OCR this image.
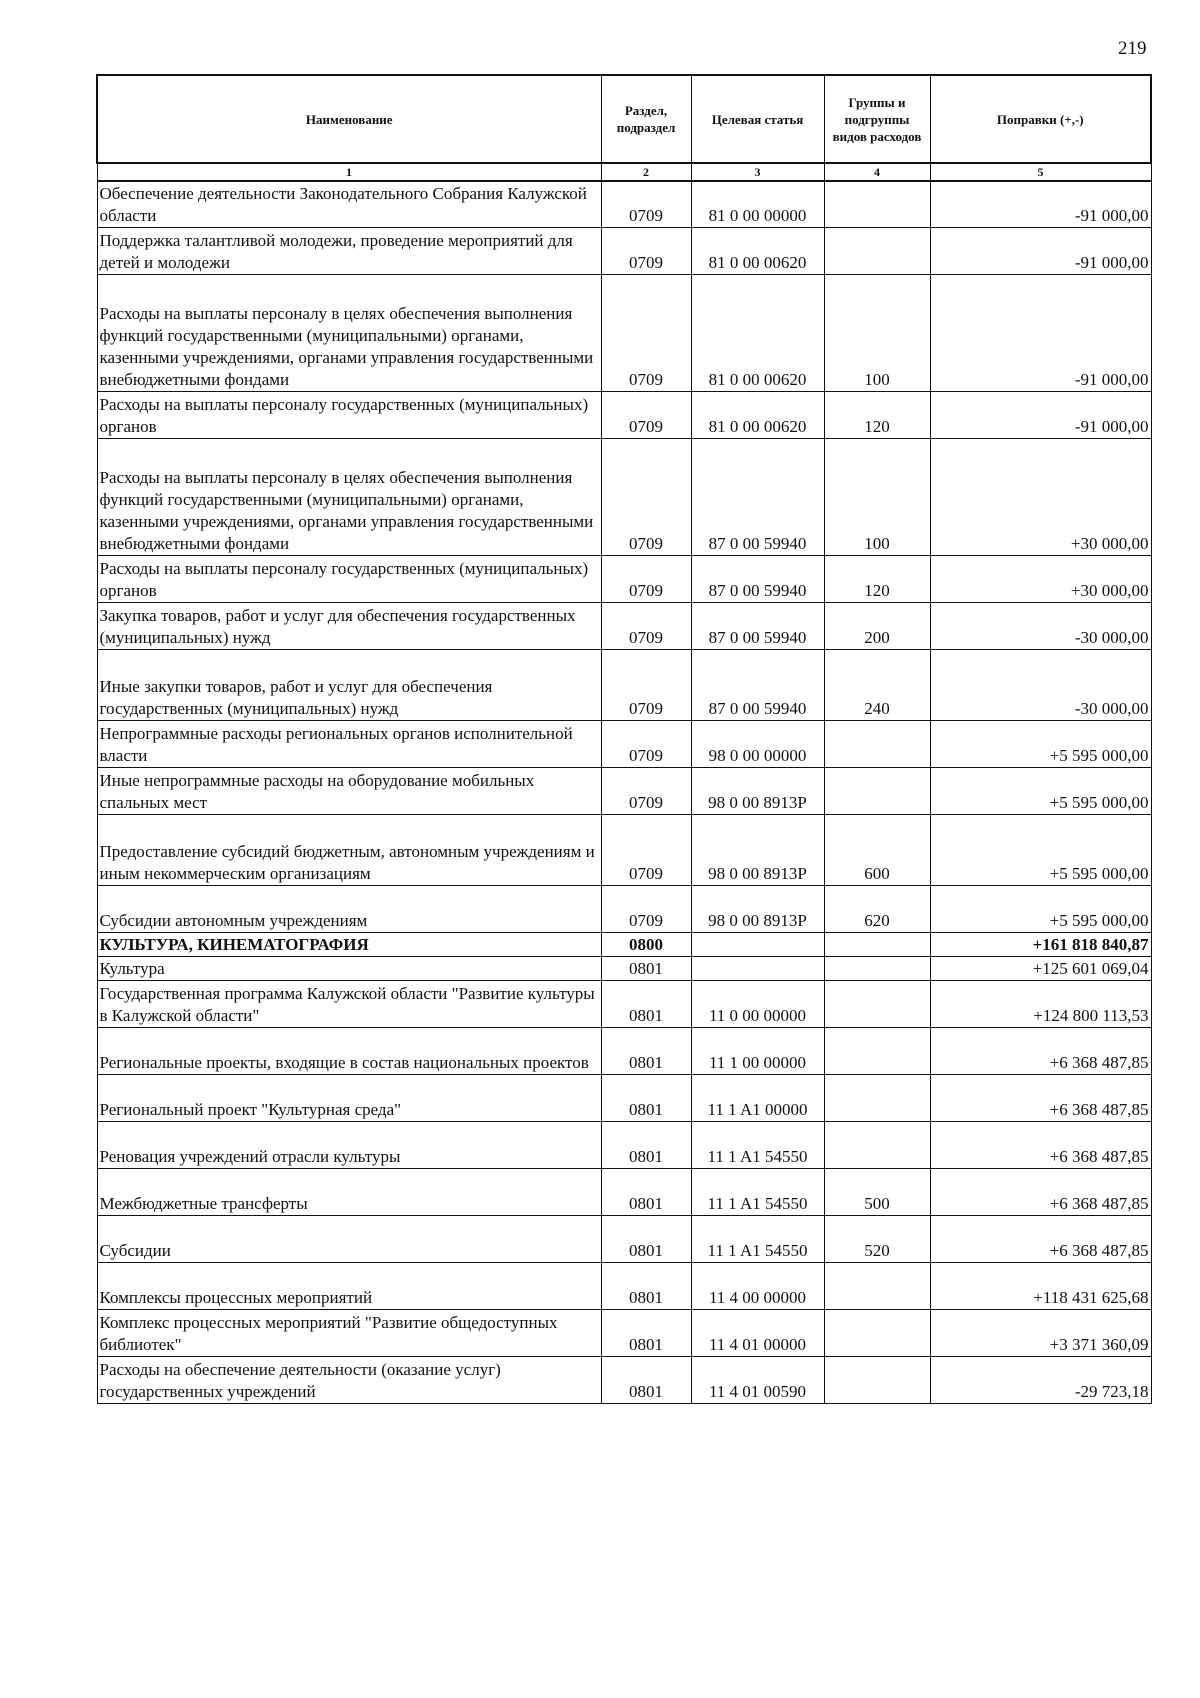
219
Наименование	Раздел, подраздел	Целевая статья	Группы и подгруппы видов расходов	Поправки (+,-)
1	2	3	4	5
Обеспечение деятельности Законодательного Собрания Калужской области	0709	81 0 00 00000		-91 000,00
Поддержка талантливой молодежи, проведение мероприятий для детей и молодежи	0709	81 0 00 00620		-91 000,00
Расходы на выплаты персоналу в целях обеспечения выполнения функций государственными (муниципальными) органами, казенными учреждениями, органами управления государственными внебюджетными фондами	0709	81 0 00 00620	100	-91 000,00
Расходы на выплаты персоналу государственных (муниципальных) органов	0709	81 0 00 00620	120	-91 000,00
Расходы на выплаты персоналу в целях обеспечения выполнения функций государственными (муниципальными) органами, казенными учреждениями, органами управления государственными внебюджетными фондами	0709	87 0 00 59940	100	+30 000,00
Расходы на выплаты персоналу государственных (муниципальных) органов	0709	87 0 00 59940	120	+30 000,00
Закупка товаров, работ и услуг для обеспечения государственных (муниципальных) нужд	0709	87 0 00 59940	200	-30 000,00
Иные закупки товаров, работ и услуг для обеспечения государственных (муниципальных) нужд	0709	87 0 00 59940	240	-30 000,00
Непрограммные расходы региональных органов исполнительной власти	0709	98 0 00 00000		+5 595 000,00
Иные непрограммные расходы на оборудование мобильных спальных мест	0709	98 0 00 8913Р		+5 595 000,00
Предоставление субсидий бюджетным, автономным учреждениям и иным некоммерческим организациям	0709	98 0 00 8913Р	600	+5 595 000,00
Субсидии автономным учреждениям	0709	98 0 00 8913Р	620	+5 595 000,00
КУЛЬТУРА, КИНЕМАТОГРАФИЯ	0800			+161 818 840,87
Культура	0801			+125 601 069,04
Государственная программа Калужской области "Развитие культуры в Калужской области"	0801	11 0 00 00000		+124 800 113,53
Региональные проекты, входящие в состав национальных проектов	0801	11 1 00 00000		+6 368 487,85
Региональный проект "Культурная среда"	0801	11 1 A1 00000		+6 368 487,85
Реновация учреждений отрасли культуры	0801	11 1 A1 54550		+6 368 487,85
Межбюджетные трансферты	0801	11 1 A1 54550	500	+6 368 487,85
Субсидии	0801	11 1 A1 54550	520	+6 368 487,85
Комплексы процессных мероприятий	0801	11 4 00 00000		+118 431 625,68
Комплекс процессных мероприятий "Развитие общедоступных библиотек"	0801	11 4 01 00000		+3 371 360,09
Расходы на обеспечение деятельности (оказание услуг) государственных учреждений	0801	11 4 01 00590		-29 723,18
